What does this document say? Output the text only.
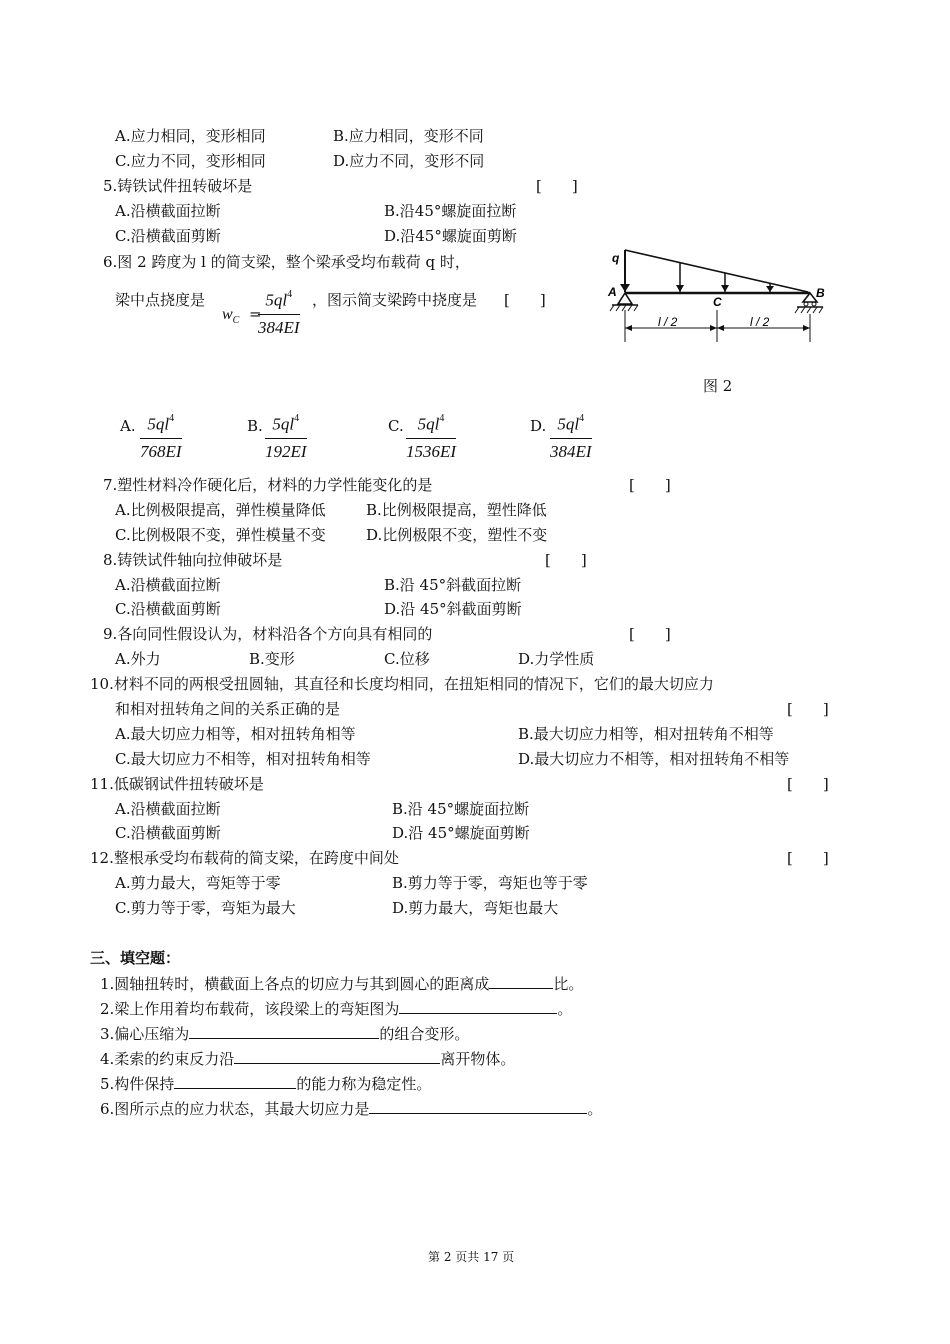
A.应力相同，变形相同	B.应力相同，变形不同
C.应力不同，变形相同	D.应力不同，变形不同
5.铸铁试件扭转破坏是	[　　]
A.沿横截面拉断	B.沿45°螺旋面拉断
C.沿横截面剪断	D.沿45°螺旋面剪断
6.图 2 跨度为 l 的简支梁，整个梁承受均布载荷 q 时，
梁中点挠度是
$w_C$ =
$\frac{5ql^4}{384EI}$ ，图示简支梁跨中挠度是 [　　]
q
A	B
C
l / 2	l / 2
图 2
A. $\frac{5ql^4}{768EI}$	B. $\frac{5ql^4}{192EI}$	C. $\frac{5ql^4}{1536EI}$	D. $\frac{5ql^4}{384EI}$
7.塑性材料冷作硬化后，材料的力学性能变化的是	[　　]
A.比例极限提高，弹性模量降低	B.比例极限提高，塑性降低
C.比例极限不变，弹性模量不变	D.比例极限不变，塑性不变
8.铸铁试件轴向拉伸破坏是	[　　]
A.沿横截面拉断	B.沿 45°斜截面拉断
C.沿横截面剪断	D.沿 45°斜截面剪断
9.各向同性假设认为，材料沿各个方向具有相同的	[　　]
A.外力	B.变形	C.位移	D.力学性质
10.材料不同的两根受扭圆轴，其直径和长度均相同，在扭矩相同的情况下，它们的最大切应力
和相对扭转角之间的关系正确的是	[　　]
A.最大切应力相等，相对扭转角相等	B.最大切应力相等，相对扭转角不相等
C.最大切应力不相等，相对扭转角相等	D.最大切应力不相等，相对扭转角不相等
11.低碳钢试件扭转破坏是	[　　]
A.沿横截面拉断	B.沿 45°螺旋面拉断
C.沿横截面剪断	D.沿 45°螺旋面剪断
12.整根承受均布载荷的简支梁，在跨度中间处	[　　]
A.剪力最大，弯矩等于零	B.剪力等于零，弯矩也等于零
C.剪力等于零，弯矩为最大	D.剪力最大，弯矩也最大
三、填空题：
1.圆轴扭转时，横截面上各点的切应力与其到圆心的距离成	比。
2.梁上作用着均布载荷，该段梁上的弯矩图为	。
3.偏心压缩为	的组合变形。
4.柔索的约束反力沿	离开物体。
5.构件保持	的能力称为稳定性。
6.图所示点的应力状态，其最大切应力是	。
第 2 页共 17 页
